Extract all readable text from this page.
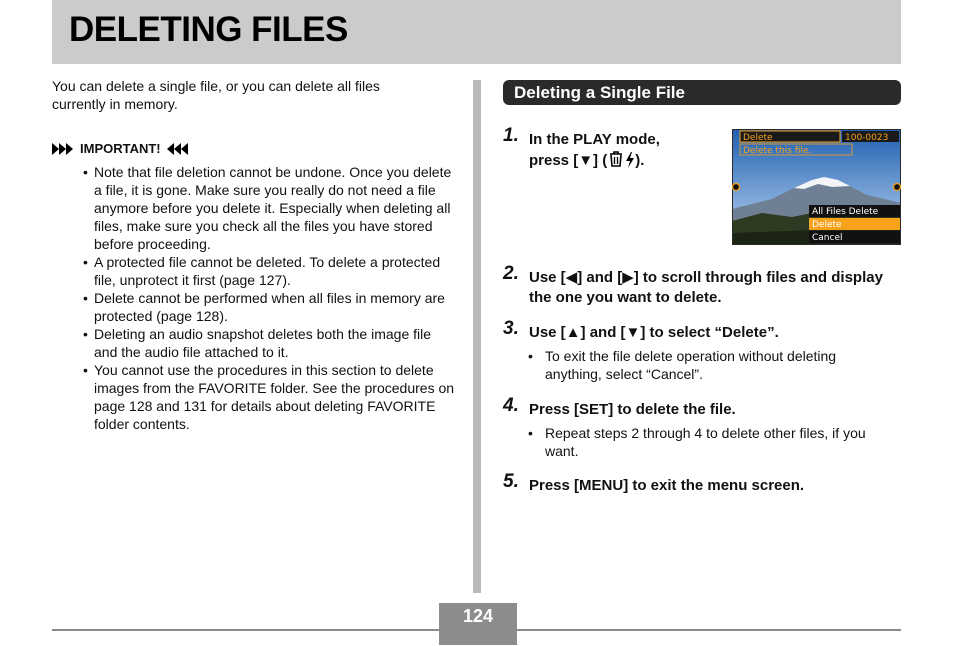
DELETING FILES
You can delete a single file, or you can delete all files currently in memory.
IMPORTANT!
• Note that file deletion cannot be undone. Once you delete a file, it is gone. Make sure you really do not need a file anymore before you delete it. Especially when deleting all files, make sure you check all the files you have stored before proceeding.
• A protected file cannot be deleted. To delete a protected file, unprotect it first (page 127).
• Delete cannot be performed when all files in memory are protected (page 128).
• Deleting an audio snapshot deletes both the image file and the audio file attached to it.
• You cannot use the procedures in this section to delete images from the FAVORITE folder. See the procedures on page 128 and 131 for details about deleting FAVORITE folder contents.
Deleting a Single File
1. In the PLAY mode,
press [▼] ( ).
Delete	100-0023
Delete this file.
All Files Delete
Delete
Cancel
2. Use [◀] and [▶] to scroll through files and display the one you want to delete.
3. Use [▲] and [▼] to select “Delete”.
• To exit the file delete operation without deleting anything, select “Cancel”.
4. Press [SET] to delete the file.
• Repeat steps 2 through 4 to delete other files, if you want.
5. Press [MENU] to exit the menu screen.
124
